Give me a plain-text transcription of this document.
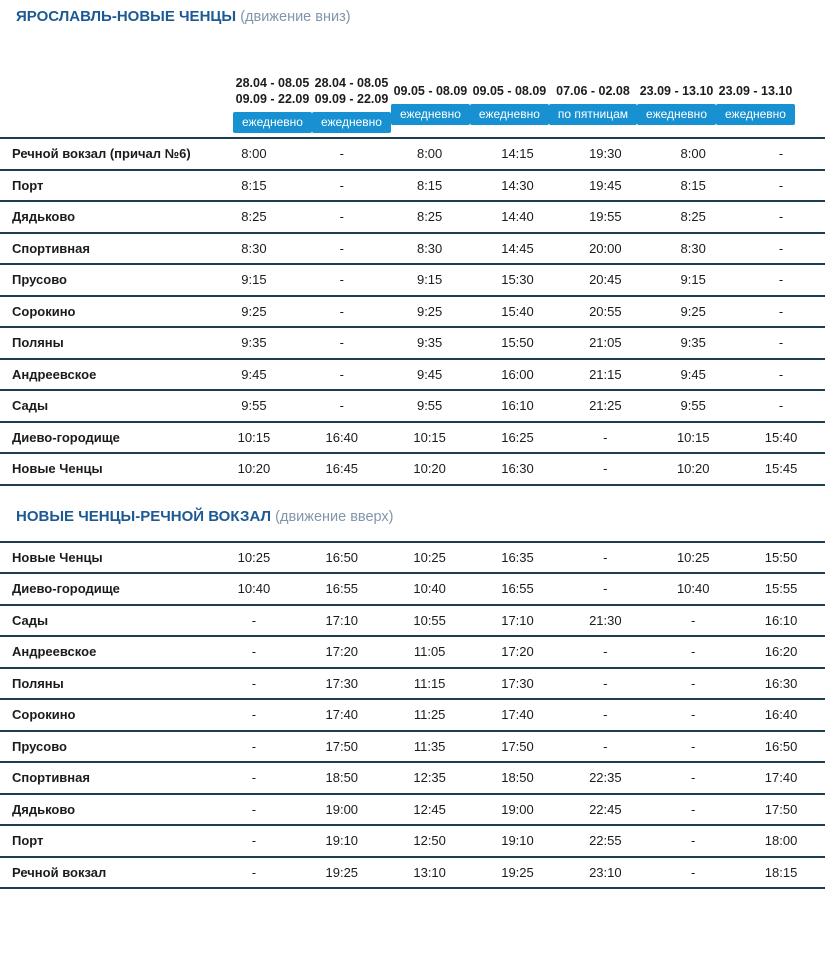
ЯРОСЛАВЛЬ-НОВЫЕ ЧЕНЦЫ (движение вниз)
28.04 - 08.05
09.09 - 22.09
ежедневно
28.04 - 08.05
09.09 - 22.09
ежедневно
09.05 - 08.09
ежедневно
09.05 - 08.09
ежедневно
07.06 - 02.08
по пятницам
23.09 - 13.10
ежедневно
23.09 - 13.10
ежедневно
Речной вокзал (причал №6)	8:00	-	8:00	14:15	19:30	8:00	-
Порт	8:15	-	8:15	14:30	19:45	8:15	-
Дядьково	8:25	-	8:25	14:40	19:55	8:25	-
Спортивная	8:30	-	8:30	14:45	20:00	8:30	-
Прусово	9:15	-	9:15	15:30	20:45	9:15	-
Сорокино	9:25	-	9:25	15:40	20:55	9:25	-
Поляны	9:35	-	9:35	15:50	21:05	9:35	-
Андреевское	9:45	-	9:45	16:00	21:15	9:45	-
Сады	9:55	-	9:55	16:10	21:25	9:55	-
Диево-городище	10:15	16:40	10:15	16:25	-	10:15	15:40
Новые Ченцы	10:20	16:45	10:20	16:30	-	10:20	15:45
НОВЫЕ ЧЕНЦЫ-РЕЧНОЙ ВОКЗАЛ (движение вверх)
Новые Ченцы	10:25	16:50	10:25	16:35	-	10:25	15:50
Диево-городище	10:40	16:55	10:40	16:55	-	10:40	15:55
Сады	-	17:10	10:55	17:10	21:30	-	16:10
Андреевское	-	17:20	11:05	17:20	-	-	16:20
Поляны	-	17:30	11:15	17:30	-	-	16:30
Сорокино	-	17:40	11:25	17:40	-	-	16:40
Прусово	-	17:50	11:35	17:50	-	-	16:50
Спортивная	-	18:50	12:35	18:50	22:35	-	17:40
Дядьково	-	19:00	12:45	19:00	22:45	-	17:50
Порт	-	19:10	12:50	19:10	22:55	-	18:00
Речной вокзал	-	19:25	13:10	19:25	23:10	-	18:15
